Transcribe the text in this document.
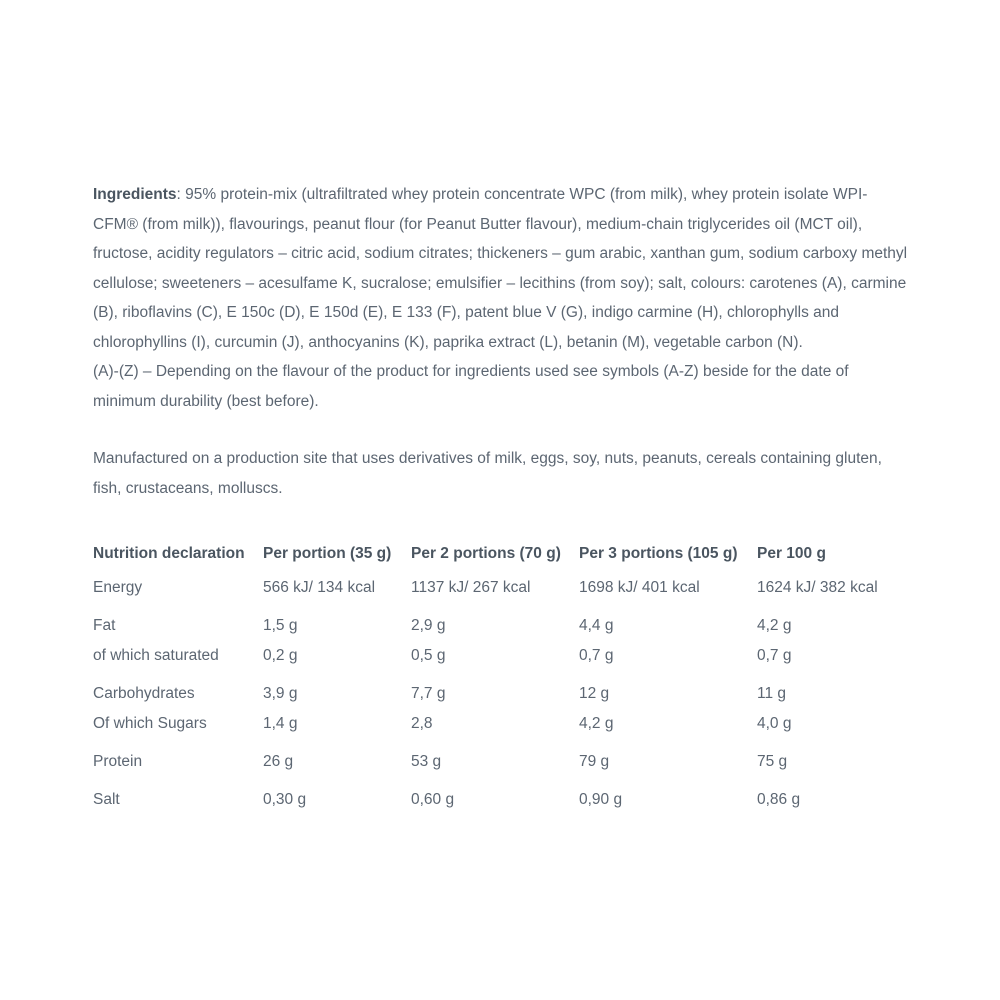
Ingredients: 95% protein-mix (ultrafiltrated whey protein concentrate WPC (from milk), whey protein isolate WPI-CFM® (from milk)), flavourings, peanut flour (for Peanut Butter flavour), medium-chain triglycerides oil (MCT oil), fructose, acidity regulators – citric acid, sodium citrates; thickeners – gum arabic, xanthan gum, sodium carboxy methyl cellulose; sweeteners – acesulfame K, sucralose; emulsifier – lecithins (from soy); salt, colours: carotenes (A), carmine (B), riboflavins (C), E 150c (D), E 150d (E), E 133 (F), patent blue V (G), indigo carmine (H), chlorophylls and chlorophyllins (I), curcumin (J), anthocyanins (K), paprika extract (L), betanin (M), vegetable carbon (N).

(A)-(Z) – Depending on the flavour of the product for ingredients used see symbols (A-Z) beside for the date of minimum durability (best before).

Manufactured on a production site that uses derivatives of milk, eggs, soy, nuts, peanuts, cereals containing gluten, fish, crustaceans, molluscs.

Nutrition declaration	Per portion (35 g)	Per 2 portions (70 g)	Per 3 portions (105 g)	Per 100 g
Energy	566 kJ/ 134 kcal	1137 kJ/ 267 kcal	1698 kJ/ 401 kcal	1624 kJ/ 382 kcal
Fat	1,5 g	2,9 g	4,4 g	4,2 g
of which saturated	0,2 g	0,5 g	0,7 g	0,7 g
Carbohydrates	3,9 g	7,7 g	12 g	11 g
Of which Sugars	1,4 g	2,8	4,2 g	4,0 g
Protein	26 g	53 g	79 g	75 g
Salt	0,30 g	0,60 g	0,90 g	0,86 g
